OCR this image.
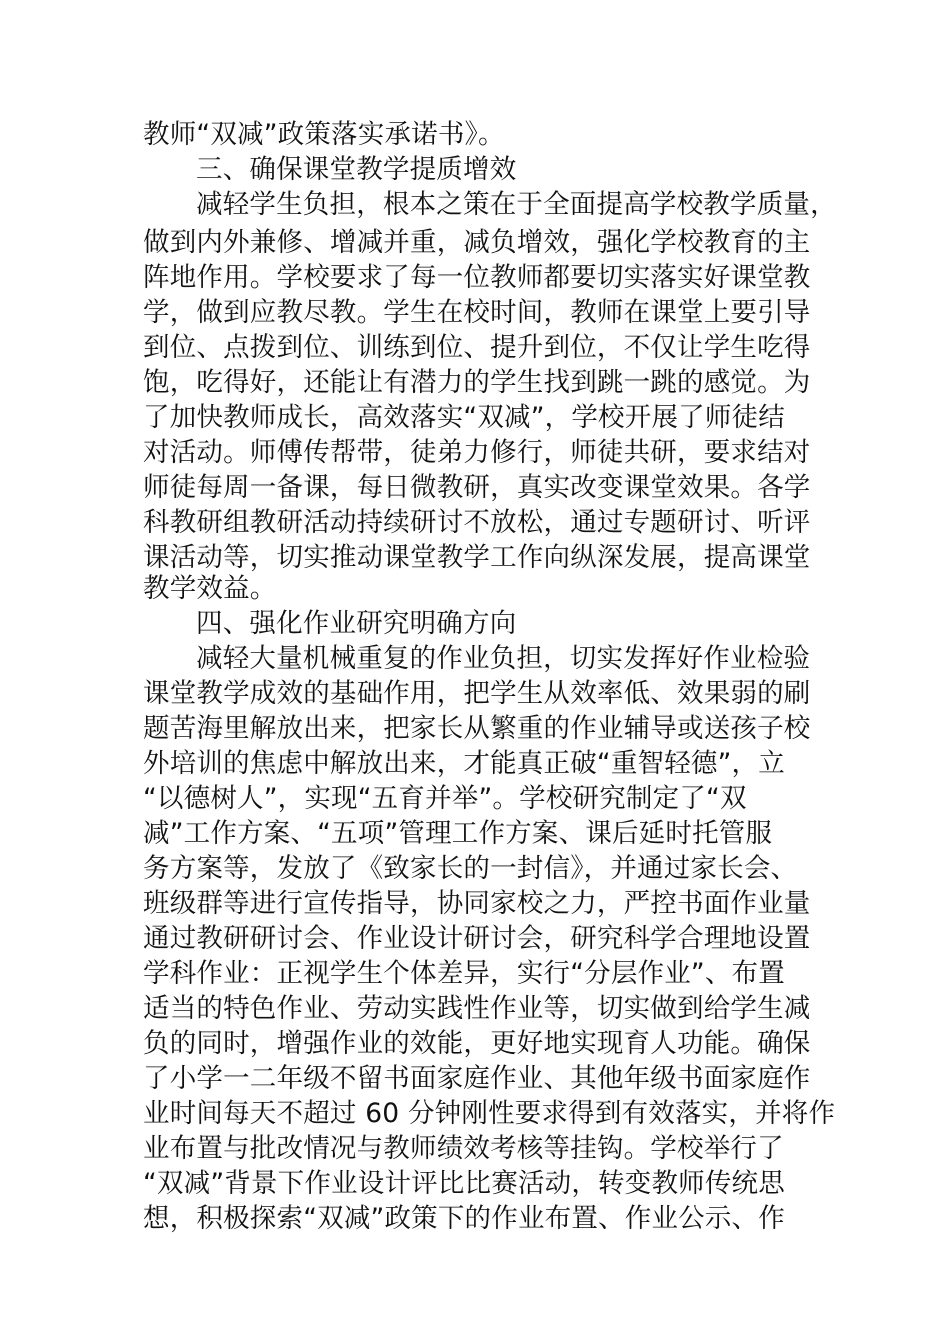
教师“双减”政策落实承诺书》。
三、确保课堂教学提质增效
减轻学生负担，根本之策在于全面提高学校教学质量，
做到内外兼修、增减并重，减负增效，强化学校教育的主
阵地作用。学校要求了每一位教师都要切实落实好课堂教
学，做到应教尽教。学生在校时间，教师在课堂上要引导
到位、点拨到位、训练到位、提升到位，不仅让学生吃得
饱，吃得好，还能让有潜力的学生找到跳一跳的感觉。为
了加快教师成长，高效落实“双减”，学校开展了师徒结
对活动。师傅传帮带，徒弟力修行，师徒共研，要求结对
师徒每周一备课，每日微教研，真实改变课堂效果。各学
科教研组教研活动持续研讨不放松，通过专题研讨、听评
课活动等，切实推动课堂教学工作向纵深发展，提高课堂
教学效益。
四、强化作业研究明确方向
减轻大量机械重复的作业负担，切实发挥好作业检验
课堂教学成效的基础作用，把学生从效率低、效果弱的刷
题苦海里解放出来，把家长从繁重的作业辅导或送孩子校
外培训的焦虑中解放出来，才能真正破“重智轻德”，立
“以德树人”，实现“五育并举”。学校研究制定了“双
减”工作方案、“五项”管理工作方案、课后延时托管服
务方案等，发放了《致家长的一封信》，并通过家长会、
班级群等进行宣传指导，协同家校之力，严控书面作业量
通过教研研讨会、作业设计研讨会，研究科学合理地设置
学科作业：正视学生个体差异，实行“分层作业”、布置
适当的特色作业、劳动实践性作业等，切实做到给学生减
负的同时，增强作业的效能，更好地实现育人功能。确保
了小学一二年级不留书面家庭作业、其他年级书面家庭作
业时间每天不超过 60 分钟刚性要求得到有效落实，并将作
业布置与批改情况与教师绩效考核等挂钩。学校举行了
“双减”背景下作业设计评比比赛活动，转变教师传统思
想，积极探索“双减”政策下的作业布置、作业公示、作
